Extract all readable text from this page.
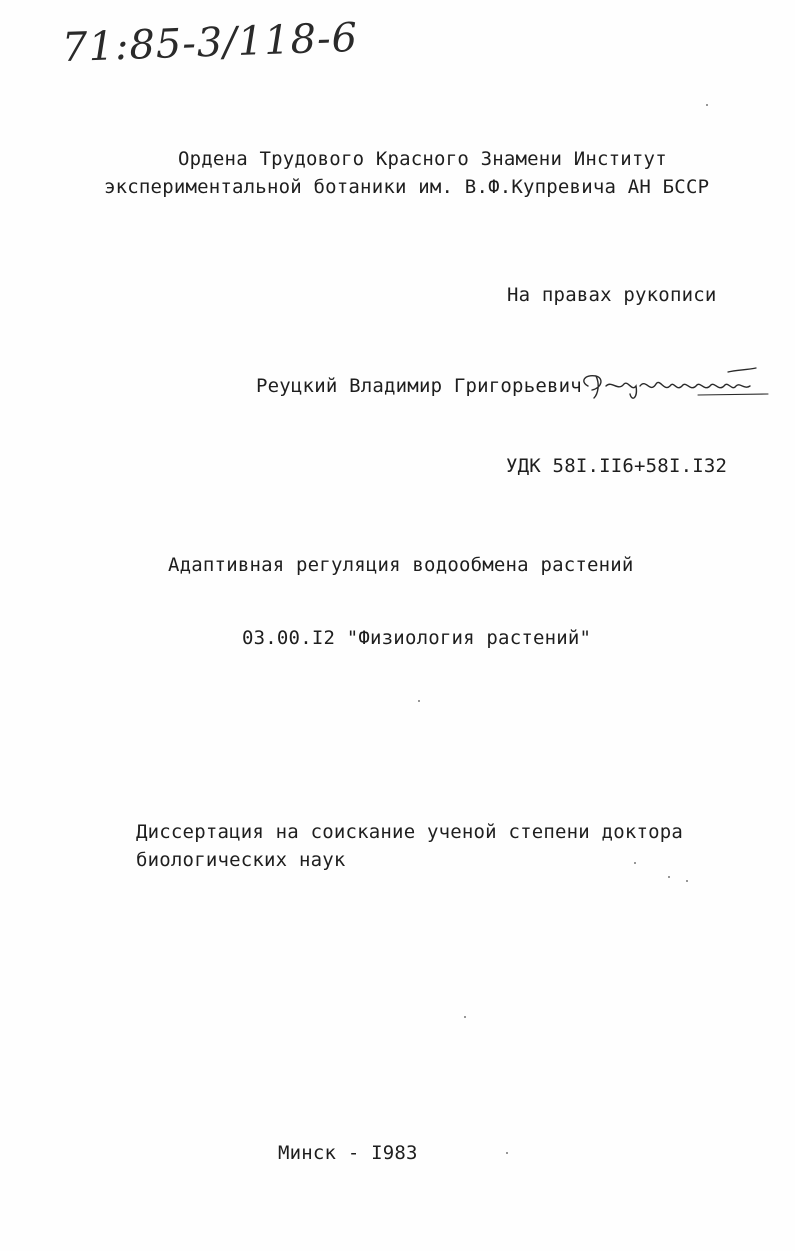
71:85-3/118-6
Ордена Трудового Красного Знамени Институт
экспериментальной ботаники им. В.Ф.Купревича АН БССР
На правах рукописи
Реуцкий Владимир Григорьевич
УДК 58I.II6+58I.I32
Адаптивная регуляция водообмена растений
03.00.I2 "Физиология растений"
Диссертация на соискание ученой степени доктора
биологических наук
Минск - I983
